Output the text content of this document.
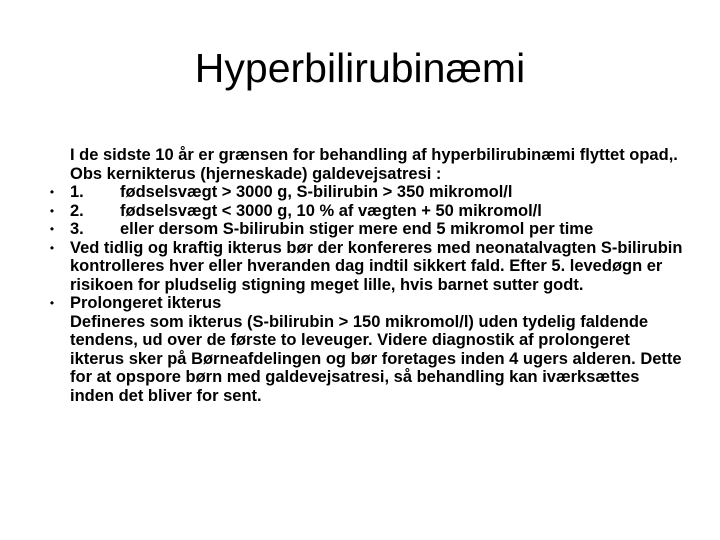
Hyperbilirubinæmi
I de sidste 10 år er grænsen for behandling af hyperbilirubinæmi flyttet opad,. Obs kernikterus (hjerneskade) galdevejsatresi :
• 1. fødselsvægt > 3000 g, S-bilirubin > 350 mikromol/l
• 2. fødselsvægt < 3000 g, 10 % af vægten + 50 mikromol/l
• 3. eller dersom S-bilirubin stiger mere end 5 mikromol per time
• Ved tidlig og kraftig ikterus bør der konfereres med neonatalvagten S-bilirubin kontrolleres hver eller hveranden dag indtil sikkert fald. Efter 5. levedøgn er risikoen for pludselig stigning meget lille, hvis barnet sutter godt.
• Prolongeret ikterus
Defineres som ikterus (S-bilirubin > 150 mikromol/l) uden tydelig faldende tendens, ud over de første to leveuger. Videre diagnostik af prolongeret ikterus sker på Børneafdelingen og bør foretages inden 4 ugers alderen. Dette for at opspore børn med galdevejsatresi, så behandling kan iværksættes inden det bliver for sent.
